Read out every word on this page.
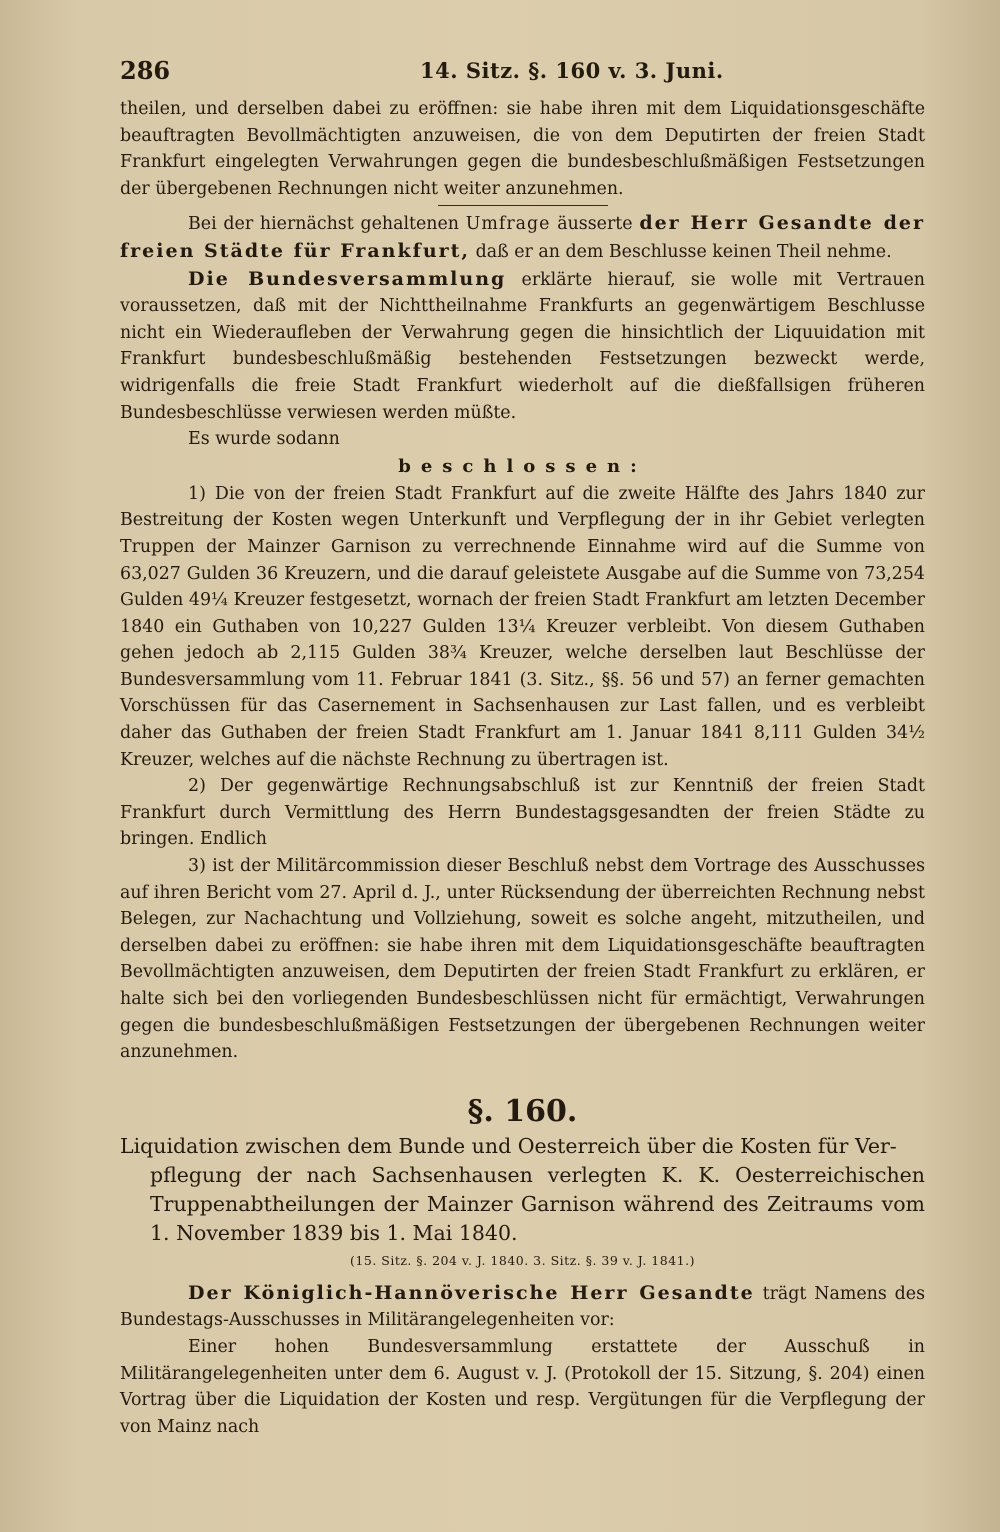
286	14. Sitz. §. 160 v. 3. Juni.

theilen, und derselben dabei zu eröffnen: sie habe ihren mit dem Liquidationsgeschäfte beauftragten Bevollmächtigten anzuweisen, die von dem Deputirten der freien Stadt Frankfurt eingelegten Verwahrungen gegen die bundesbeschlußmäßigen Festsetzungen der übergebenen Rechnungen nicht weiter anzunehmen.

Bei der hiernächst gehaltenen Umfrage äusserte der Herr Gesandte der freien Städte für Frankfurt, daß er an dem Beschlusse keinen Theil nehme.

Die Bundesversammlung erklärte hierauf, sie wolle mit Vertrauen voraussetzen, daß mit der Nichttheilnahme Frankfurts an gegenwärtigem Beschlusse nicht ein Wiederaufleben der Verwahrung gegen die hinsichtlich der Liquuidation mit Frankfurt bundesbeschlußmäßig bestehenden Festsetzungen bezweckt werde, widrigenfalls die freie Stadt Frankfurt wiederholt auf die dießfallsigen früheren Bundesbeschlüsse verwiesen werden müßte.

Es wurde sodann

beschlossen:

1) Die von der freien Stadt Frankfurt auf die zweite Hälfte des Jahrs 1840 zur Bestreitung der Kosten wegen Unterkunft und Verpflegung der in ihr Gebiet verlegten Truppen der Mainzer Garnison zu verrechnende Einnahme wird auf die Summe von 63,027 Gulden 36 Kreuzern, und die darauf geleistete Ausgabe auf die Summe von 73,254 Gulden 49¼ Kreuzer festgesetzt, wornach der freien Stadt Frankfurt am letzten December 1840 ein Guthaben von 10,227 Gulden 13¼ Kreuzer verbleibt. Von diesem Guthaben gehen jedoch ab 2,115 Gulden 38¾ Kreuzer, welche derselben laut Beschlüsse der Bundesversammlung vom 11. Februar 1841 (3. Sitz., §§. 56 und 57) an ferner gemachten Vorschüssen für das Casernement in Sachsenhausen zur Last fallen, und es verbleibt daher das Guthaben der freien Stadt Frankfurt am 1. Januar 1841 8,111 Gulden 34½ Kreuzer, welches auf die nächste Rechnung zu übertragen ist.

2) Der gegenwärtige Rechnungsabschluß ist zur Kenntniß der freien Stadt Frankfurt durch Vermittlung des Herrn Bundestagsgesandten der freien Städte zu bringen. Endlich

3) ist der Militärcommission dieser Beschluß nebst dem Vortrage des Ausschusses auf ihren Bericht vom 27. April d. J., unter Rücksendung der überreichten Rechnung nebst Belegen, zur Nachachtung und Vollziehung, soweit es solche angeht, mitzutheilen, und derselben dabei zu eröffnen: sie habe ihren mit dem Liquidationsgeschäfte beauftragten Bevollmächtigten anzuweisen, dem Deputirten der freien Stadt Frankfurt zu erklären, er halte sich bei den vorliegenden Bundesbeschlüssen nicht für ermächtigt, Verwahrungen gegen die bundesbeschlußmäßigen Festsetzungen der übergebenen Rechnungen weiter anzunehmen.

§. 160.

Liquidation zwischen dem Bunde und Oesterreich über die Kosten für Ver-

pflegung der nach Sachsenhausen verlegten K. K. Oesterreichischen Truppenabtheilungen der Mainzer Garnison während des Zeitraums vom 1. November 1839 bis 1. Mai 1840.

(15. Sitz. §. 204 v. J. 1840. 3. Sitz. §. 39 v. J. 1841.)

Der Königlich-Hannöverische Herr Gesandte trägt Namens des Bundestags-Ausschusses in Militärangelegenheiten vor:

Einer hohen Bundesversammlung erstattete der Ausschuß in Militärangelegenheiten unter dem 6. August v. J. (Protokoll der 15. Sitzung, §. 204) einen Vortrag über die Liquidation der Kosten und resp. Vergütungen für die Verpflegung der von Mainz nach
